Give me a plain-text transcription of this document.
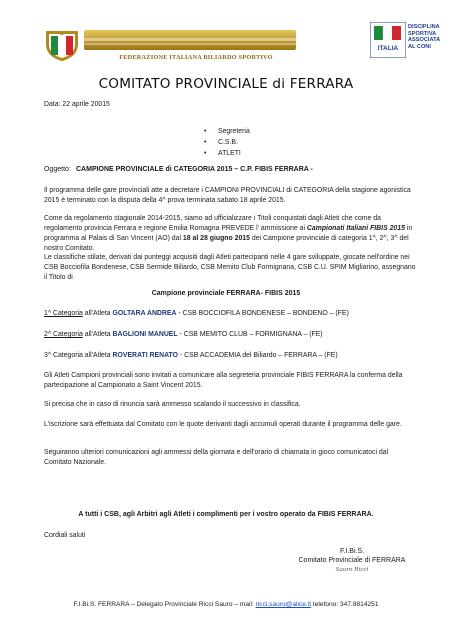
FEDERAZIONE ITALIANA BILIARDO SPORTIVO
ITALIA
DISCIPLINA SPORTIVA
ASSOCIATA
AL CONI
COMITATO PROVINCIALE di FERRARA
Data: 22 aprile 20015
• Segreteria
• C.S.B.
• ATLETI
Oggetto: CAMPIONE PROVINCIALE di CATEGORIA 2015 – C.P. FIBIS FERRARA -
Il programma delle gare provinciali atte a decretare i CAMPIONI PROVINCIALI di CATEGORIA della stagione agonistica 2015 è terminato con la disputa della 4^ prova terminata sabato 18 aprile 2015.
Come da regolamento stagionale 2014-2015, siamo ad ufficializzare i Titoli conquistati dagli Atleti che come da regolamento provincia Ferrara e regione Emilia Romagna PREVEDE l' ammissione ai Campionati Italiani FIBIS 2015 in programma al Palais di San Vincent (AO) dal 18 al 28 giugno 2015 dei Campione provinciale di categoria 1^, 2^, 3^ del nostro Comitato.
Le classifiche stilate, derivati dai punteggi acquisiti dagli Atleti partecipanti nelle 4 gare sviluppate, giocate nell'ordine nei CSB Bocciofila Bondenese, CSB Sermide Biliardo, CSB Memito Club Formignana, CSB C.U. SPIM Migliarino, assegnano il Titolo di
Campione provinciale FERRARA- FIBIS 2015
1^ Categoria all'Atleta GOLTARA ANDREA - CSB BOCCIOFILA BONDENESE – BONDENO – (FE)
2^ Categoria all'Atleta BAGLIONI MANUEL - CSB MEMITO CLUB – FORMIGNANA – (FE)
3^ Categoria all'Atleta ROVERATI RENATO - CSB ACCADEMIA del Biliardo – FERRARA – (FE)
Gli Atleti Campioni provinciali sono invitati a comunicare alla segreteria provinciale FIBIS FERRARA la conferma della partecipazione al Campionato a Saint Vincent 2015.
Si precisa che in caso di rinuncia sarà ammesso scalando il successivo in classifica.
L'iscrizione sarà effettuata dal Comitato con le quote derivanti dagli accumuli operati durante il programma delle gare.
Seguiranno ulteriori comunicazioni agli ammessi della giornata e dell'orario di chiamata in gioco comunicatoci dal Comitato Nazionale.
A tutti i CSB, agli Arbitri agli Atleti i complimenti per i vostro operato da FIBIS FERRARA.
Cordiali saluti
F.I.Bi.S.
Comitato Provinciale di FERRARA
Sauro Ricci
F.I.Bi.S. FERRARA – Delegato Provinciale Ricci Sauro – mail: ricci.sauro@alice.it telefono: 347.8814251
